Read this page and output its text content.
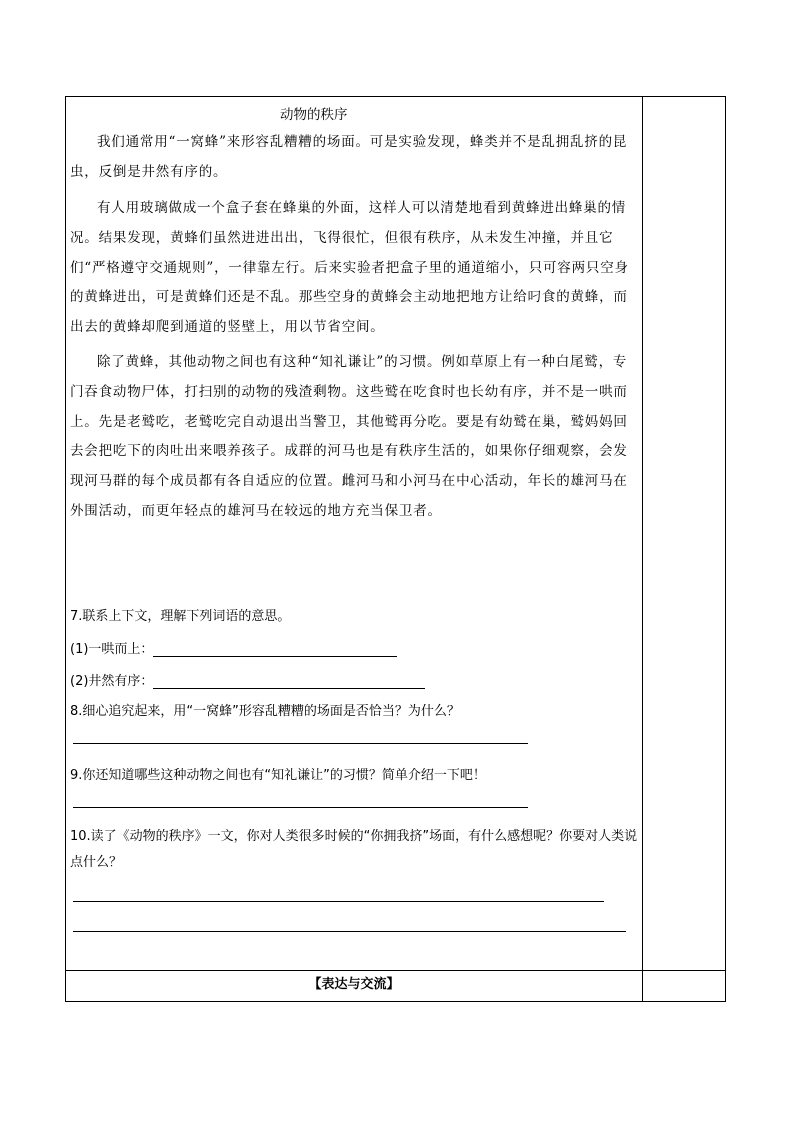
动物的秩序

我们通常用“一窝蜂”来形容乱糟糟的场面。可是实验发现，蜂类并不是乱拥乱挤的昆虫，反倒是井然有序的。

有人用玻璃做成一个盒子套在蜂巢的外面，这样人可以清楚地看到黄蜂进出蜂巢的情况。结果发现，黄蜂们虽然进进出出，飞得很忙，但很有秩序，从未发生冲撞，并且它们“严格遵守交通规则”，一律靠左行。后来实验者把盒子里的通道缩小，只可容两只空身的黄蜂进出，可是黄蜂们还是不乱。那些空身的黄蜂会主动地把地方让给叼食的黄蜂，而出去的黄蜂却爬到通道的竖壁上，用以节省空间。

除了黄蜂，其他动物之间也有这种“知礼谦让”的习惯。例如草原上有一种白尾鹫，专门吞食动物尸体，打扫别的动物的残渣剩物。这些鹫在吃食时也长幼有序，并不是一哄而上。先是老鹫吃，老鹫吃完自动退出当警卫，其他鹫再分吃。要是有幼鹫在巢，鹫妈妈回去会把吃下的肉吐出来喂养孩子。成群的河马也是有秩序生活的，如果你仔细观察，会发现河马群的每个成员都有各自适应的位置。雌河马和小河马在中心活动，年长的雄河马在外围活动，而更年轻点的雄河马在较远的地方充当保卫者。

7.联系上下文，理解下列词语的意思。
(1)一哄而上：
(2)井然有序：
8.细心追究起来，用“一窝蜂”形容乱糟糟的场面是否恰当？为什么？
9.你还知道哪些这种动物之间也有“知礼谦让”的习惯？简单介绍一下吧！
10.读了《动物的秩序》一文，你对人类很多时候的“你拥我挤”场面，有什么感想呢？你要对人类说点什么？
【表达与交流】
